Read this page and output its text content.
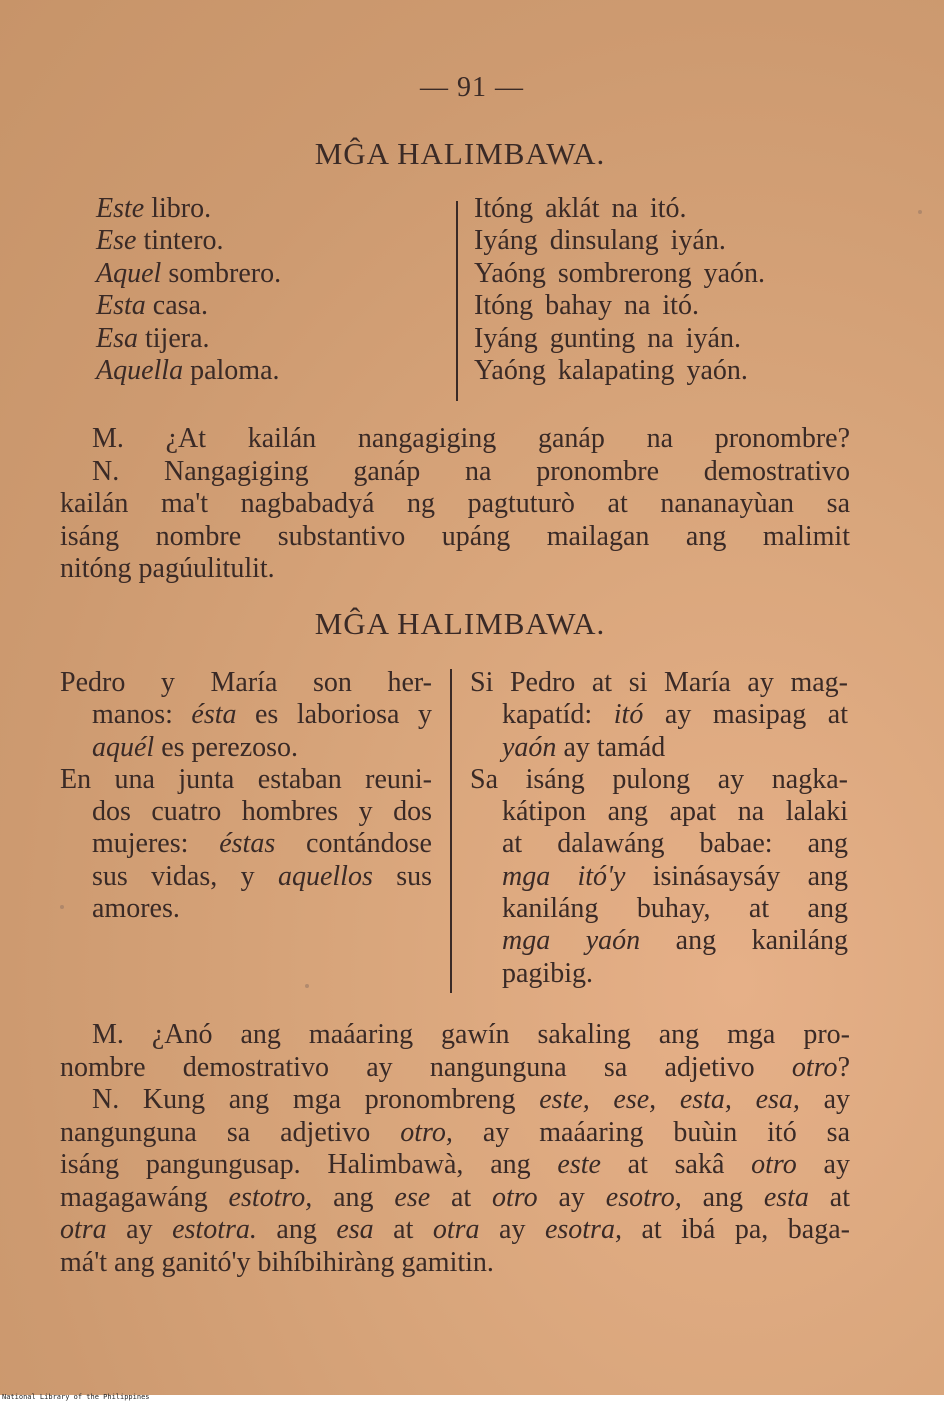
— 91 —
MĜA HALIMBAWA.
Este libro.
Ese tintero.
Aquel sombrero.
Esta casa.
Esa tijera.
Aquella paloma.
Itóng aklát na itó.
Iyáng dinsulang iyán.
Yaóng sombrerong yaón.
Itóng bahay na itó.
Iyáng gunting na iyán.
Yaóng kalapating yaón.
M. ¿At kailán nangagiging ganáp na pronombre?
N. Nangagiging ganáp na pronombre demostrativo
kailán ma't nagbabadyá ng pagtuturò at nananayùan sa
isáng nombre substantivo upáng mailagan ang malimit
nitóng pagúulitulit.
MĜA HALIMBAWA.
Pedro y María son her-
manos: ésta es laboriosa y
aquél es perezoso.
En una junta estaban reuni-
dos cuatro hombres y dos
mujeres: éstas contándose
sus vidas, y aquellos sus
amores.
Si Pedro at si María ay mag-
kapatíd: itó ay masipag at
yaón ay tamád
Sa isáng pulong ay nagka-
kátipon ang apat na lalaki
at dalawáng babae: ang
mga itó'y isinásaysáy ang
kaniláng buhay, at ang
mga yaón ang kaniláng
pagibig.
M. ¿Anó ang maáaring gawín sakaling ang mga pro-
nombre demostrativo ay nangunguna sa adjetivo otro?
N. Kung ang mga pronombreng este, ese, esta, esa, ay
nangunguna sa adjetivo otro, ay maáaring buùin itó sa
isáng pangungusap. Halimbawà, ang este at sakâ otro ay
magagawáng estotro, ang ese at otro ay esotro, ang esta at
otra ay estotra. ang esa at otra ay esotra, at ibá pa, baga-
má't ang ganitó'y bihíbihiràng gamitin.
National Library of the Philippines
